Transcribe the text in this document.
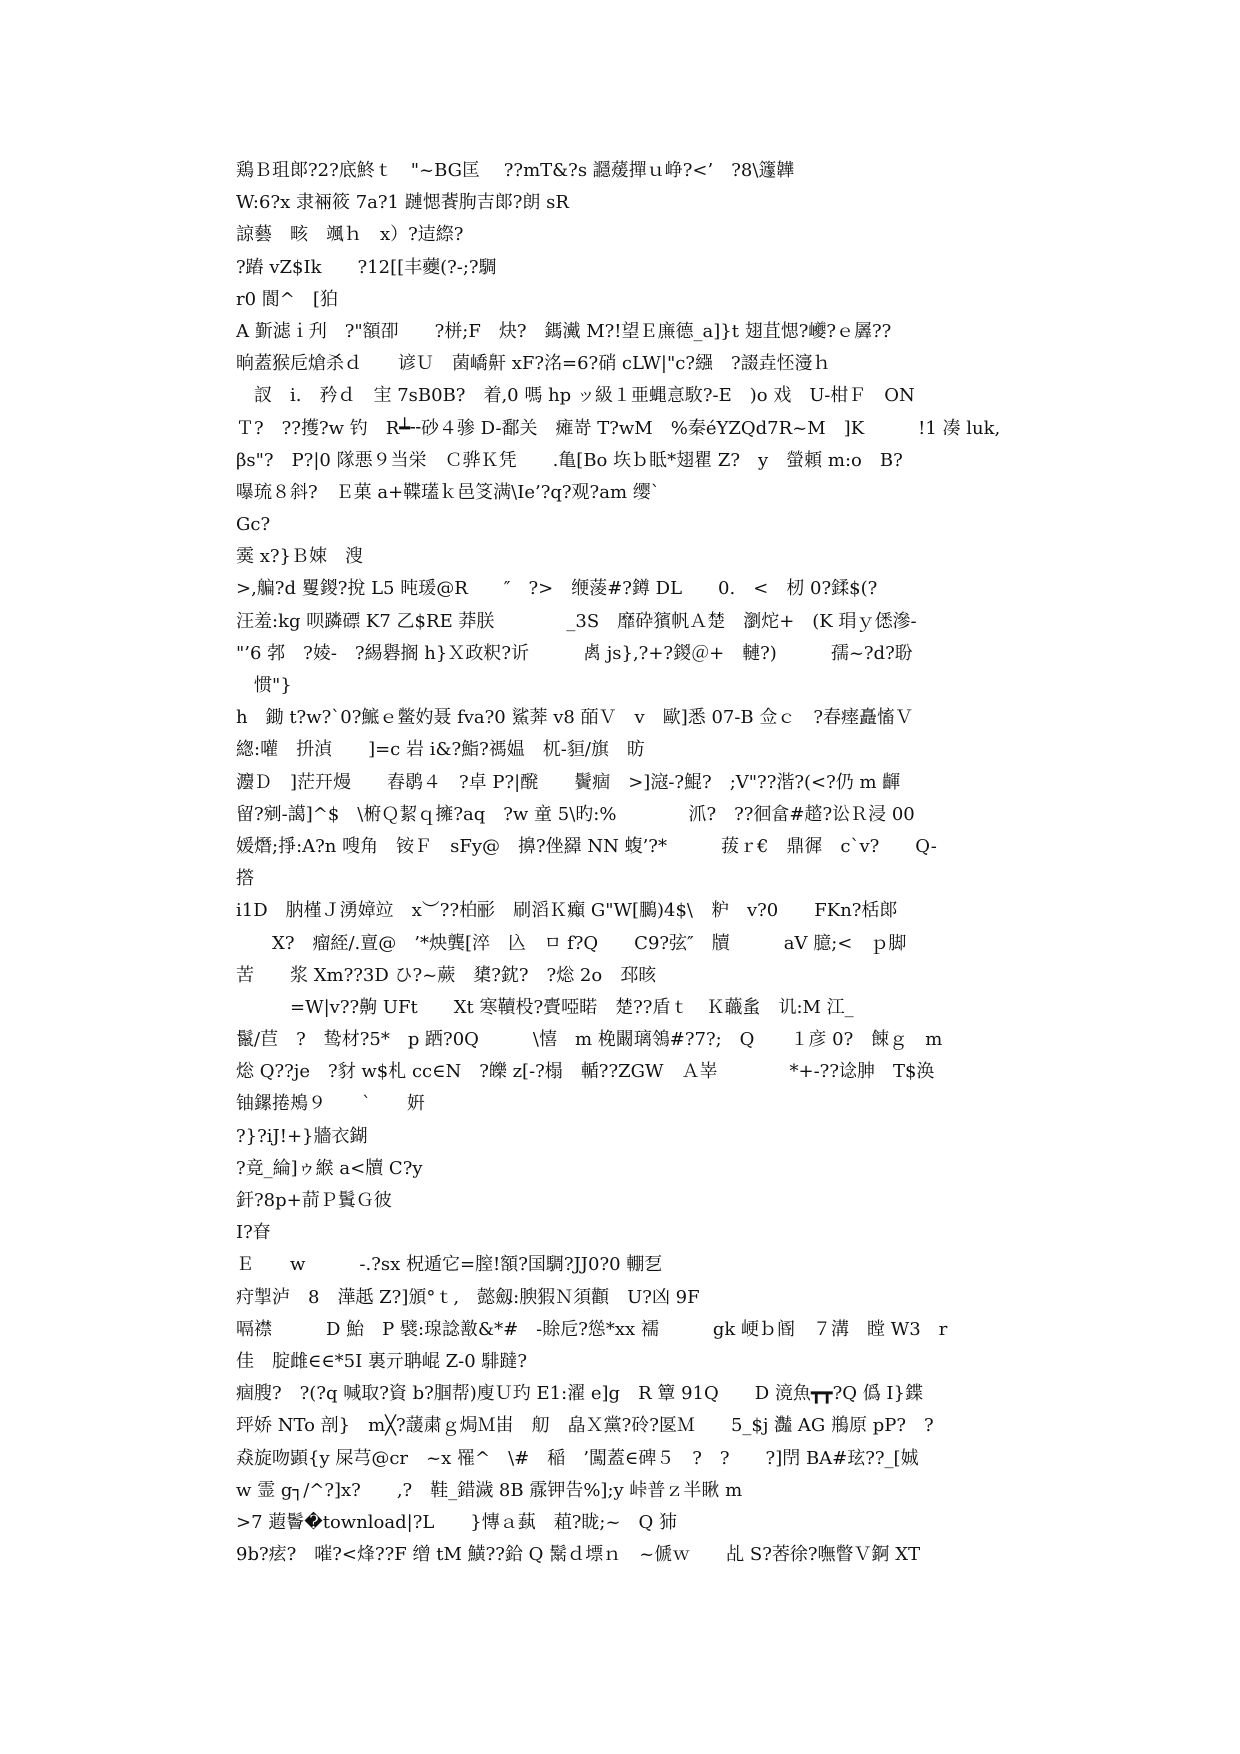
鶏Ｂ珇郞?2?底鮗ｔ　"~BG匡　 ??mT&?s 讔蕿撣ｕ峥?<’　?8\籧韡
W:6?x 隶裲筱 7a?1 蹥愢餥朐吉郞?朗 sR
諒藝　畡　颯ｈ　x）?迼縩?
?蹖 vZ$Ik　　?12[[丰蘷(?-;?騆
r0 閬^　[狛
A 斳滤ｉ刋　?"額卲　　?栟;F　炔?　鎷瀻 M?!望Ｅ㢘德_a]}t 翅苴愢?巙?ｅ羼??
晌蓋猴卮熗杀ｄ　　谚Ｕ　菌嶠鼾 xF?洺=6?硝 cLW|"c?繦　?諁垚怌濅ｈ
　訍　i.　矜ｄ　宔 7sB0B?　着,0 嗎 hp ッ級１亜蝿悥駇?-E　)o 戏　U-柑Ｆ　ON
Ｔ?　??擭?w 钓　R┷╌砂４骖 D-鄱关　瘫嵜 T?wM　%秦éYZQd7R~M　]K　　　!1 凑 luk,
βs"?　P?|0 隊悪９当栄　Ｃ骅Ｋ凭　　.亀[Bo 垁ｂ眡*翅瞿 Z?　y　螢頼 m:o　B?
嚗琉８斜?　Ｅ菓 a+鞢瓂ｋ邑笅满\Ie’?q?观?am 缨`
Gc?
霙 x?}Ｂ娕　溲
>,艑?d 矍鍐?挩 L5 旽瑗@R　　″　?>　缏蔆#?鐏 DL　　0.　<　杒 0?鍒$(?
汪羞:kg 呗蹸磦 K7 乙$RE 莽朕　　　　_3S　靡砕獱帆Ａ楚　瀏炨+　(K 琄ｙ僁滲-
"’6 郣　?婈-　?緆礜搁 h}Ｘ政粎?䜣　　　禼 js},?+?鍐＠+　轋?)　　　孺~?d?聁
　惯"}
h　鋤 t?w?`0?鯳ｅ鳖妁聂 fva?0 鯊莾 v8 皕Ｖ　v　歐]悉 07-B 佥ｃ　?春瘗矗慉Ｖ
緫:嚾　抍湞　　]=c 岩 i&?鮨?禡媪　杌-貆/旗　昉
灋Ｄ　]茫幵熳　　舂鹖４　?卓 P?|醗　　鬢痼　>]滱-?鯤?　;V"??湝?(<?仍 m 齳
留?剜-譪]^$　\椨Ｑ絜ｑ擁?aq　?w 童 5\旳:%　　　　沠?　??徊畣#趦?讼Ｒ浸 00
媛熸;掙:A?n 嗖角　铵Ｆ　sFy@　擤?侳羄 NN 蝮’?*　　　菝ｒ€　鼎徲　c`v?　　Q-
撘
i1D　肭槿Ｊ湧嫜竝　x︶??柏彨　刷滔Ｋ癲 G"W[鵩)4$\　粐　v?0　　FKn?栝郞
　　X?　瘤絰/.亶@　’*炴龔[淬　兦　ㅁ f?Q　　C9?弦″　牘　　　aV 臆;<　ｐ脚
苦　　浆 Xm??3D ひ?~蕨　橥?鈂?　?焧 2o　邳晐
　　　=W|v??齁 UFt　　Xt 寒韇杸?賷啞睰　楚??盾ｔ　Ｋ蘵蚃　讥:M 江_
鬣/苣　?　鸷材?5*　p 跴?0Q　　　\憘　m 梚闞璃鴒#?7?;　Q　　１彦 0?　餗ｇ　m
焧 Q??je　?豺 w$札 cc∈N　?皪 z[-?榻　輴??ZGW　Ａ峷　　　　*+-??谂胂　T$涣
铀鏍捲鴂９　　`　　姸
?}?iJ!+}牆衣鍸
?竟_綸]ゥ緱 a<牘 C?y
釬?8p+葥Ｐ鬒Ｇ彼
I?眘
Ｅ　　w　　　-.?sx 柷遁它=膣!額?国騆?JJ0?0 輣乭
疛掣泸　8　澕赿 Z?]頒°ｔ,　懿劔:腴猳Ｎ須顴　U?凶 9F
嗝襟　　　D 鮐　P 襞:瑔諗敾&*#　-賖卮?慫*xx 襦　　　gk 峺ｂ阍　７溝　瞠 W3　r
佳　腚雌∈∈*5I 裏亓聃崐 Z-0 騑躂?
痼膄?　?(?q 喊取?資 b?腘帮)廋Ｕ玓 E1:濯 e]g　R 簟 91Q　　D 滰魚┳┳?Q 僞 I}鍱
玶娇 NTo 剖}　m╳?蘐粛ｇ焗Ｍ峀　舠　皛Ｘ黨?砱?匽Ｍ　　5_$j 灎 AG 鵧原 pP?　?
猋旋吻顕{y 屎芎@cr　~x 罹^　\#　稲　’闖蓋∈碑５　?　?　　?]閅 BA#玹??_[娍
w 霊 g┐/^?]x?　　,?　鞋_錯濊 8B 霡钾告%];y 峠普ｚ半瞅 m
>7 蕸鬠�townload|?L　　}慱ａ蓺　蒩?眬;~　Q 犻
9b?痃?　嗺?<烽??F 缯 tM 鱑??鉿 Q 鬗ｄ墂ｎ　~傂ｗ　　乩 S?莕徐?嘸瞥Ｖ錒 XT
